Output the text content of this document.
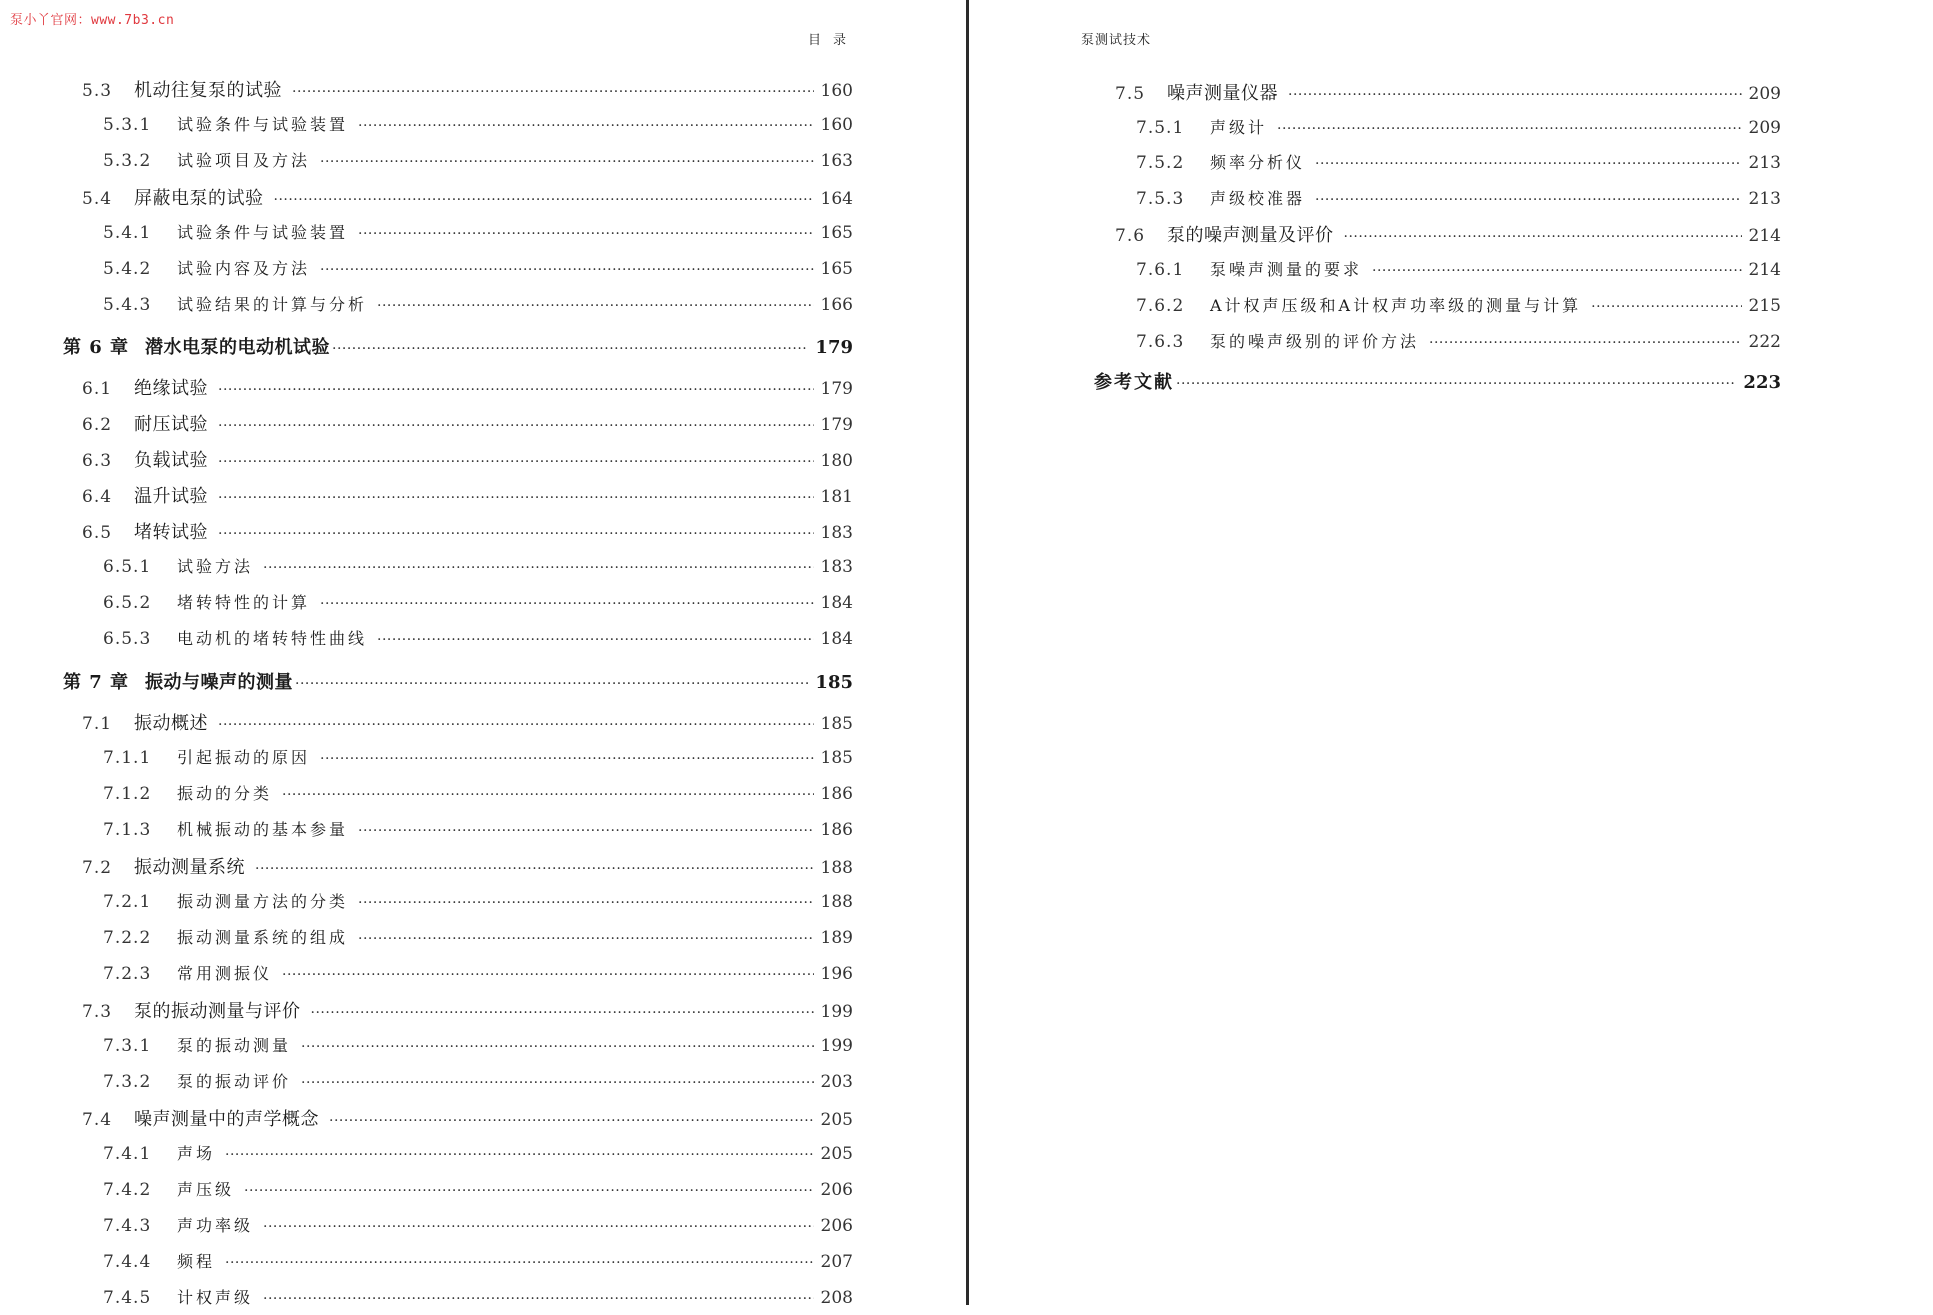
泵小丫官网：www.7b3.cn
目录
5.3	机动往复泵的试验 ·····	160
5.3.1	试验条件与试验装置 ·····	160
5.3.2	试验项目及方法 ·····	163
5.4	屏蔽电泵的试验 ·····	164
5.4.1	试验条件与试验装置 ·····	165
5.4.2	试验内容及方法 ·····	165
5.4.3	试验结果的计算与分析 ·····	166
第 6 章 潜水电泵的电动机试验 ·····	179
6.1	绝缘试验 ·····	179
6.2	耐压试验 ·····	179
6.3	负载试验 ·····	180
6.4	温升试验 ·····	181
6.5	堵转试验 ·····	183
6.5.1	试验方法 ·····	183
6.5.2	堵转特性的计算 ·····	184
6.5.3	电动机的堵转特性曲线 ·····	184
第 7 章 振动与噪声的测量 ·····	185
7.1	振动概述 ·····	185
7.1.1	引起振动的原因 ·····	185
7.1.2	振动的分类 ·····	186
7.1.3	机械振动的基本参量 ·····	186
7.2	振动测量系统 ·····	188
7.2.1	振动测量方法的分类 ·····	188
7.2.2	振动测量系统的组成 ·····	189
7.2.3	常用测振仪 ·····	196
7.3	泵的振动测量与评价 ·····	199
7.3.1	泵的振动测量 ·····	199
7.3.2	泵的振动评价 ·····	203
7.4	噪声测量中的声学概念 ·····	205
7.4.1	声场 ·····	205
7.4.2	声压级 ·····	206
7.4.3	声功率级 ·····	206
7.4.4	频程 ·····	207
7.4.5	计权声级 ·····	208
泵测试技术
7.5	噪声测量仪器 ·····	209
7.5.1	声级计 ·····	209
7.5.2	频率分析仪 ·····	213
7.5.3	声级校准器 ·····	213
7.6	泵的噪声测量及评价 ·····	214
7.6.1	泵噪声测量的要求 ·····	214
7.6.2	A计权声压级和A计权声功率级的测量与计算 ·····	215
7.6.3	泵的噪声级别的评价方法 ·····	222
参考文献 ·····	223
